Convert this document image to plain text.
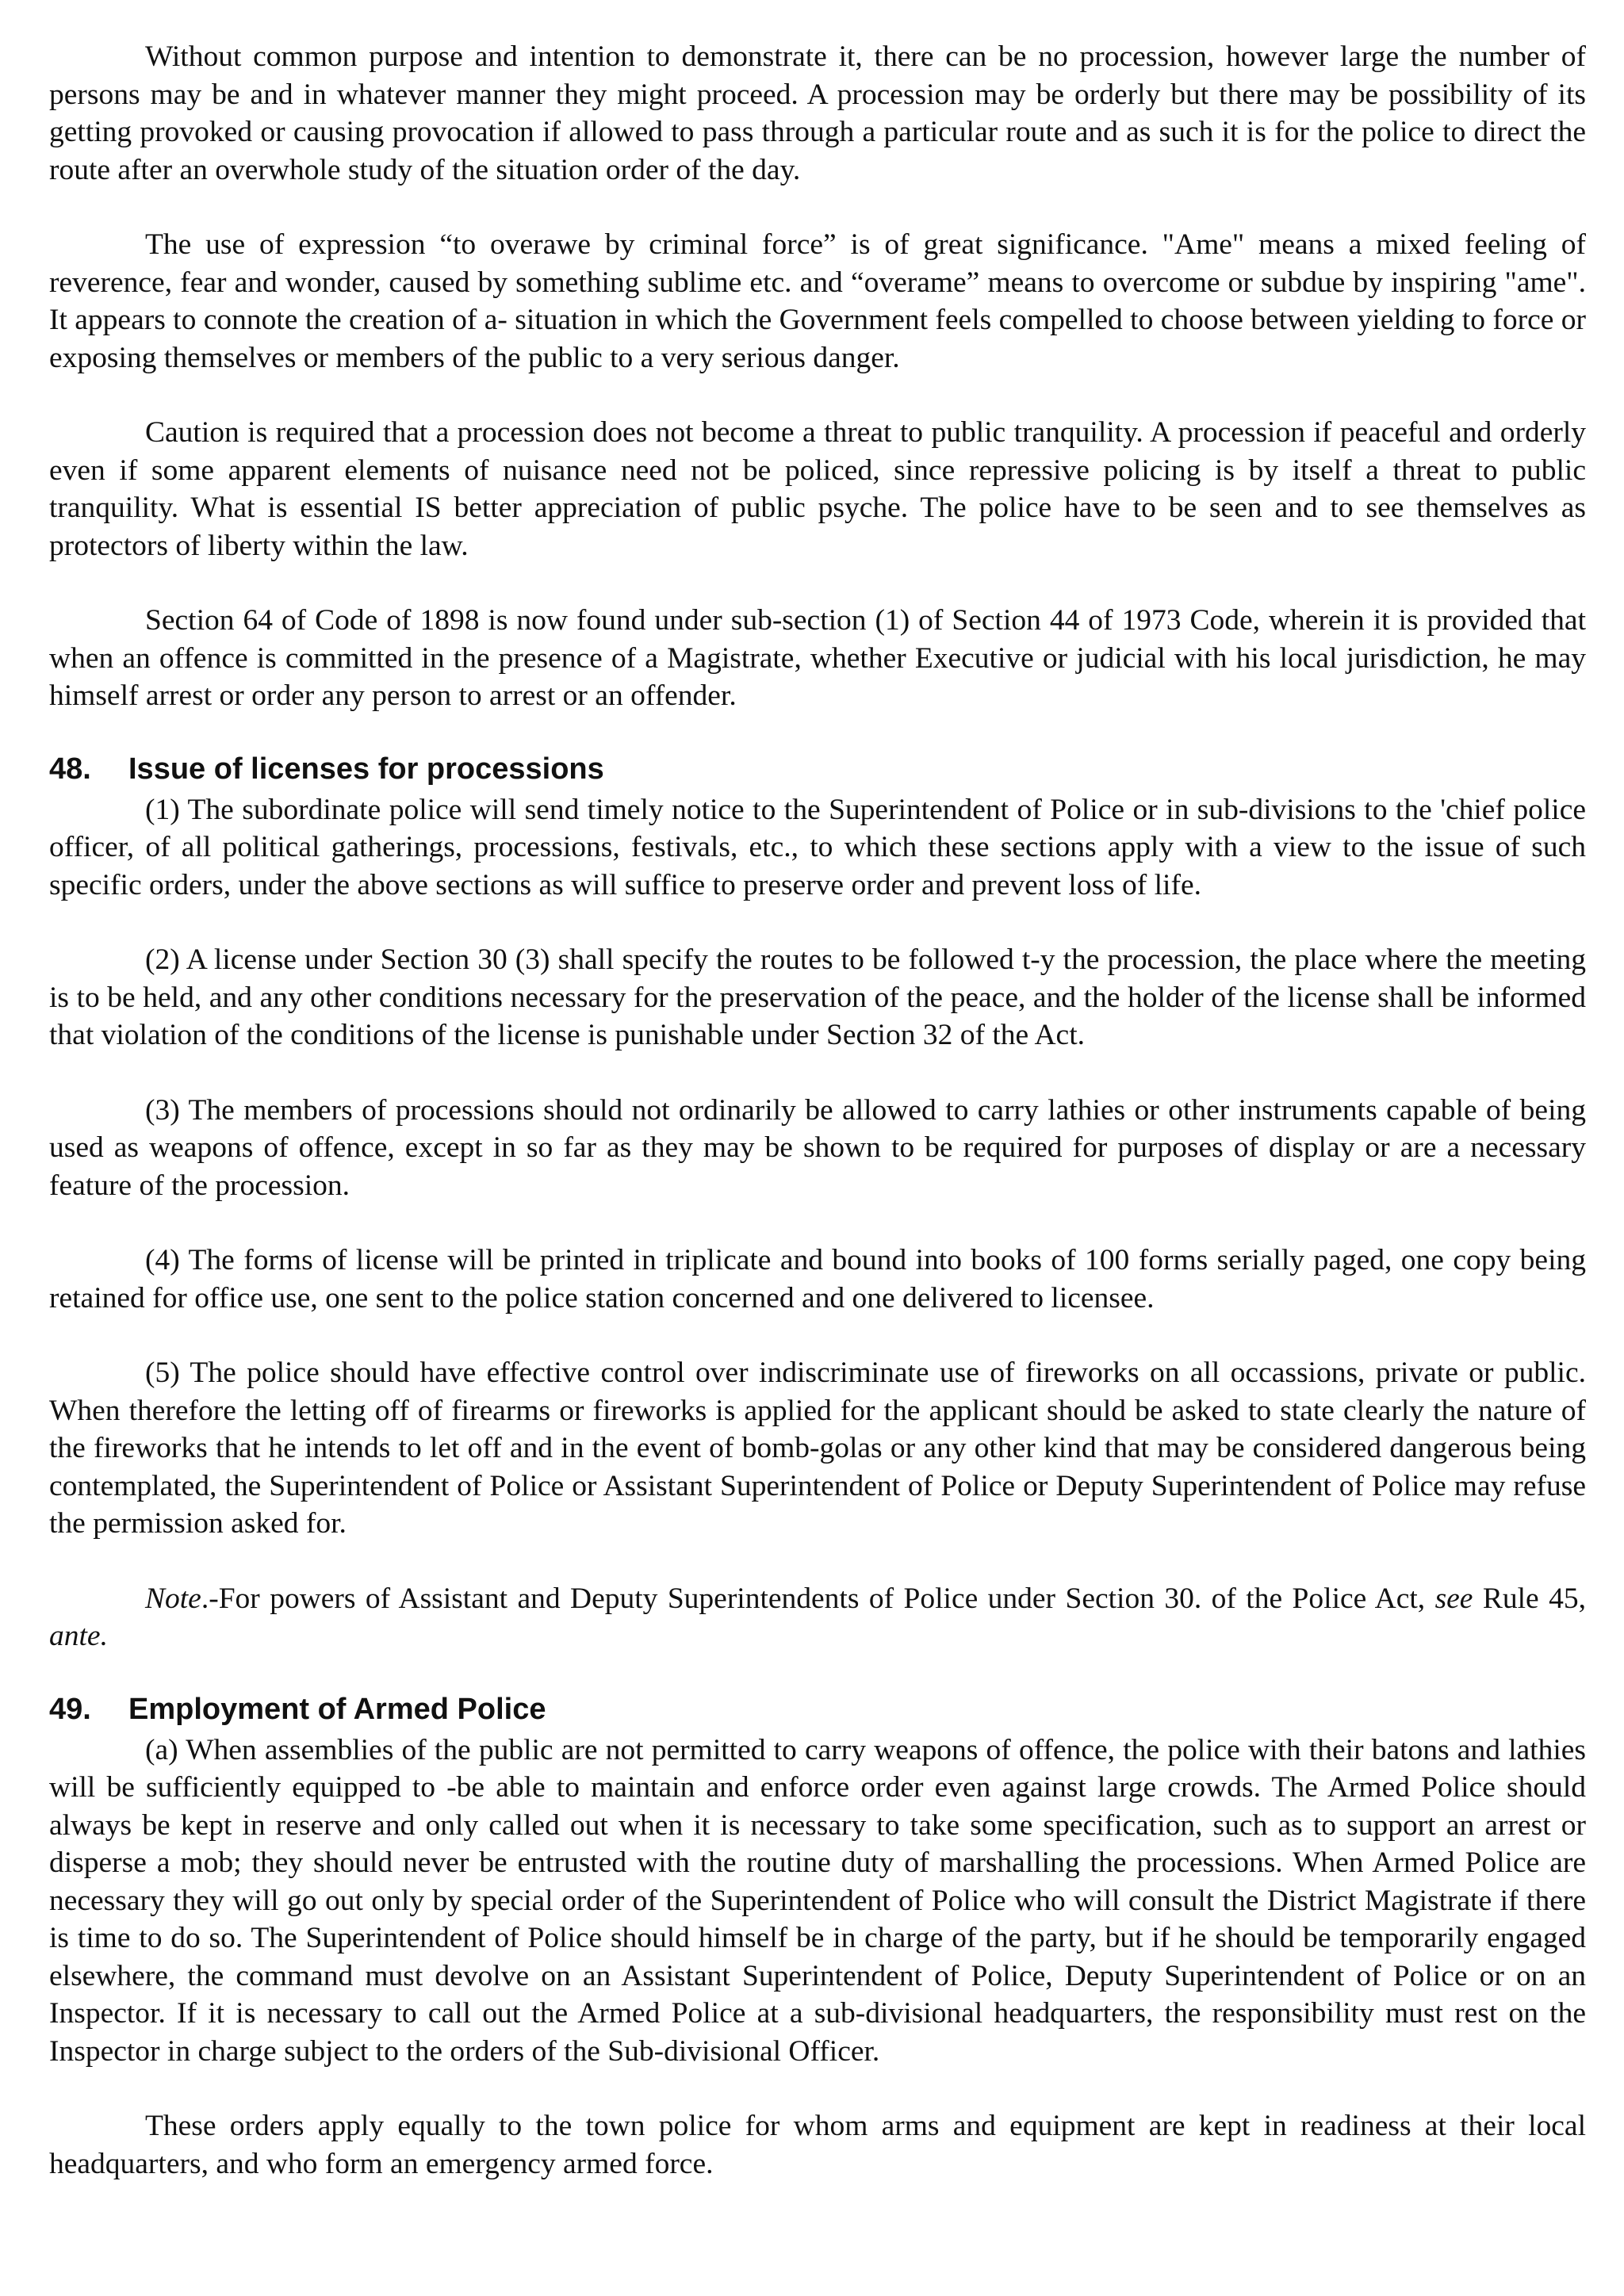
Without common purpose and intention to demonstrate it, there can be no procession, however large the number of persons may be and in whatever manner they might proceed. A procession may be orderly but there may be possibility of its getting provoked or causing provocation if allowed to pass through a particular route and as such it is for the police to direct the route after an overwhole study of the situation order of the day.

The use of expression “to overawe by criminal force” is of great significance. "Ame" means a mixed feeling of reverence, fear and wonder, caused by something sublime etc. and “overame” means to overcome or subdue by inspiring "ame". It appears to connote the creation of a- situation in which the Government feels compelled to choose between yielding to force or exposing themselves or members of the public to a very serious danger.

Caution is required that a procession does not become a threat to public tranquility. A procession if peaceful and orderly even if some apparent elements of nuisance need not be policed, since repressive policing is by itself a threat to public tranquility. What is essential IS better appreciation of public psyche. The police have to be seen and to see themselves as protectors of liberty within the law.

Section 64 of Code of 1898 is now found under sub-section (1) of Section 44 of 1973 Code, wherein it is provided that when an offence is committed in the presence of a Magistrate, whether Executive or judicial with his local jurisdiction, he may himself arrest or order any person to arrest or an offender.

48. Issue of licenses for processions

(1) The subordinate police will send timely notice to the Superintendent of Police or in sub-divisions to the 'chief police officer, of all political gatherings, processions, festivals, etc., to which these sections apply with a view to the issue of such specific orders, under the above sections as will suffice to preserve order and prevent loss of life.

(2) A license under Section 30 (3) shall specify the routes to be followed t-y the procession, the place where the meeting is to be held, and any other conditions necessary for the preservation of the peace, and the holder of the license shall be informed that violation of the conditions of the license is punishable under Section 32 of the Act.

(3) The members of processions should not ordinarily be allowed to carry lathies or other instruments capable of being used as weapons of offence, except in so far as they may be shown to be required for purposes of display or are a necessary feature of the procession.

(4) The forms of license will be printed in triplicate and bound into books of 100 forms serially paged, one copy being retained for office use, one sent to the police station concerned and one delivered to licensee.

(5) The police should have effective control over indiscriminate use of fireworks on all occassions, private or public. When therefore the letting off of firearms or fireworks is applied for the applicant should be asked to state clearly the nature of the fireworks that he intends to let off and in the event of bomb-golas or any other kind that may be considered dangerous being contemplated, the Superintendent of Police or Assistant Superintendent of Police or Deputy Superintendent of Police may refuse the permission asked for.

Note.-For powers of Assistant and Deputy Superintendents of Police under Section 30. of the Police Act, see Rule 45, ante.

49. Employment of Armed Police

(a) When assemblies of the public are not permitted to carry weapons of offence, the police with their batons and lathies will be sufficiently equipped to -be able to maintain and enforce order even against large crowds. The Armed Police should always be kept in reserve and only called out when it is necessary to take some specification, such as to support an arrest or disperse a mob; they should never be entrusted with the routine duty of marshalling the processions. When Armed Police are necessary they will go out only by special order of the Superintendent of Police who will consult the District Magistrate if there is time to do so. The Superintendent of Police should himself be in charge of the party, but if he should be temporarily engaged elsewhere, the command must devolve on an Assistant Superintendent of Police, Deputy Superintendent of Police or on an Inspector. If it is necessary to call out the Armed Police at a sub-divisional headquarters, the responsibility must rest on the Inspector in charge subject to the orders of the Sub-divisional Officer.

These orders apply equally to the town police for whom arms and equipment are kept in readiness at their local headquarters, and who form an emergency armed force.
